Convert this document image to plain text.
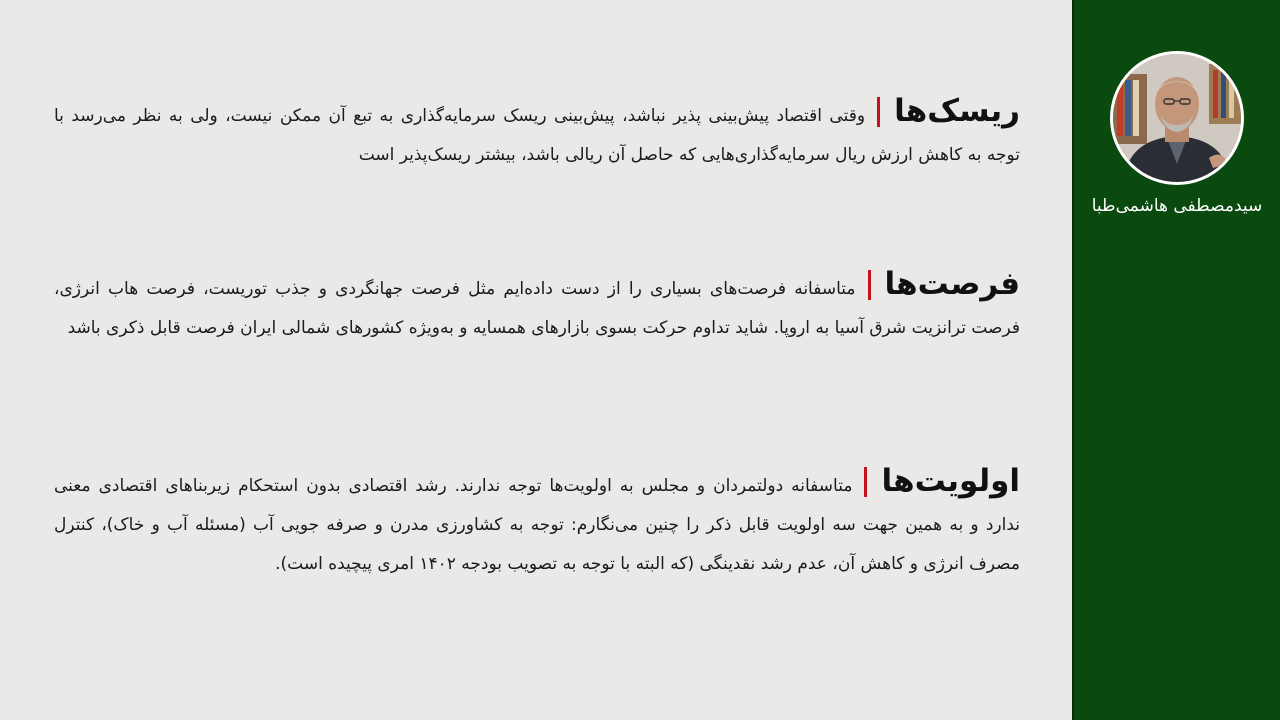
ریسک‌هاوقتی اقتصاد پیش‌بینی پذیر نباشد، پیش‌بینی ریسک سرمایه‌گذاری به تبع آن ممکن نیست، ولی به نظر می‌رسد با توجه به کاهش ارزش ریال سرمایه‌گذاری‌هایی که حاصل آن ریالی باشد، بیشتر ریسک‌پذیر است
فرصت‌هامتاسفانه فرصت‌های بسیاری را از دست داده‌ایم مثل فرصت جهانگردی و جذب توریست، فرصت هاب انرژی، فرصت ترانزیت شرق آسیا به اروپا. شاید تداوم حرکت بسوی بازارهای همسایه و به‌ویژه کشورهای شمالی ایران فرصت قابل ذکری باشد
اولویت‌هامتاسفانه دولتمردان و مجلس به اولویت‌ها توجه ندارند. رشد اقتصادی بدون استحکام زیربناهای اقتصادی معنی ندارد و به همین جهت سه اولویت قابل ذکر را چنین می‌نگارم: توجه به کشاورزی مدرن و صرفه جویی آب (مسئله آب و خاک)، کنترل مصرف انرژی و کاهش آن، عدم رشد نقدینگی (که البته با توجه به تصویب بودجه ۱۴۰۲ امری پیچیده است).
سیدمصطفی هاشمی‌طبا
